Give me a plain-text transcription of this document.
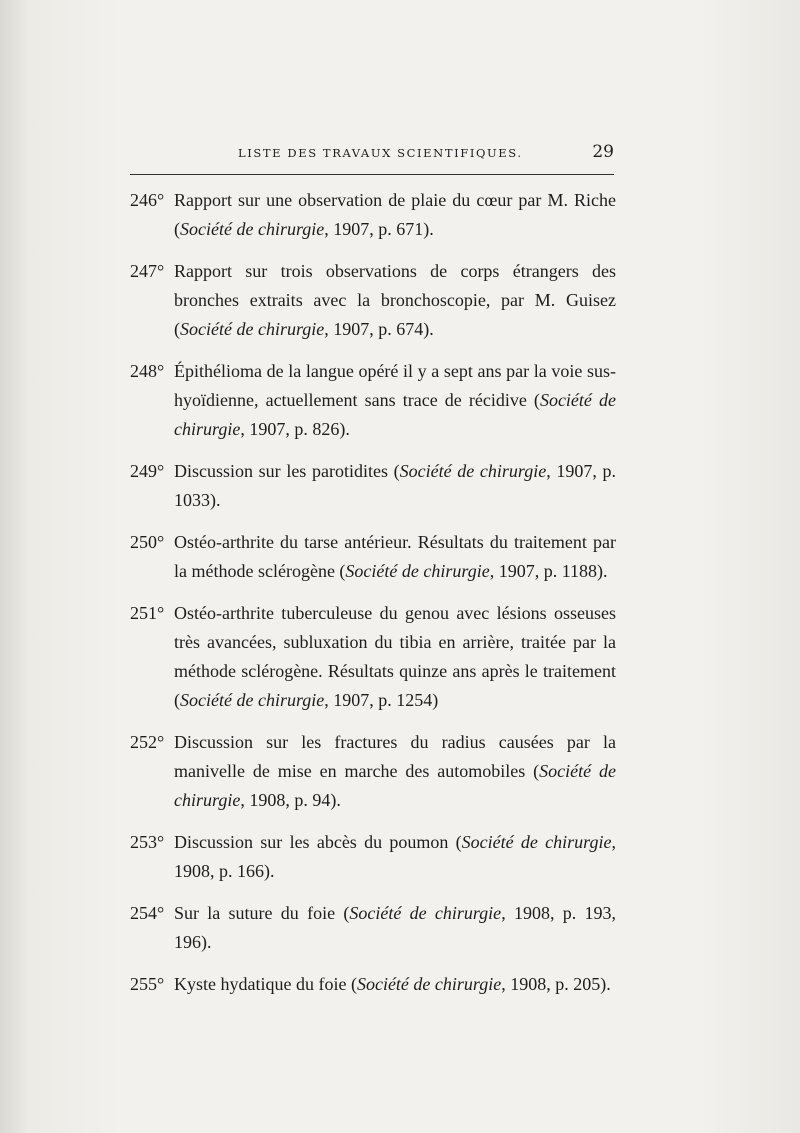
LISTE DES TRAVAUX SCIENTIFIQUES.	29
246° Rapport sur une observation de plaie du cœur par M. Riche (Société de chirurgie, 1907, p. 671).
247° Rapport sur trois observations de corps étrangers des bronches extraits avec la bronchoscopie, par M. Guisez (Société de chirurgie, 1907, p. 674).
248° Épithélioma de la langue opéré il y a sept ans par la voie sus-hyoïdienne, actuellement sans trace de récidive (Société de chirurgie, 1907, p. 826).
249° Discussion sur les parotidites (Société de chirurgie, 1907, p. 1033).
250° Ostéo-arthrite du tarse antérieur. Résultats du traitement par la méthode sclérogène (Société de chirurgie, 1907, p. 1188).
251° Ostéo-arthrite tuberculeuse du genou avec lésions osseuses très avancées, subluxation du tibia en arrière, traitée par la méthode sclérogène. Résultats quinze ans après le traitement (Société de chirurgie, 1907, p. 1254)
252° Discussion sur les fractures du radius causées par la manivelle de mise en marche des automobiles (Société de chirurgie, 1908, p. 94).
253° Discussion sur les abcès du poumon (Société de chirurgie, 1908, p. 166).
254° Sur la suture du foie (Société de chirurgie, 1908, p. 193, 196).
255° Kyste hydatique du foie (Société de chirurgie, 1908, p. 205).
